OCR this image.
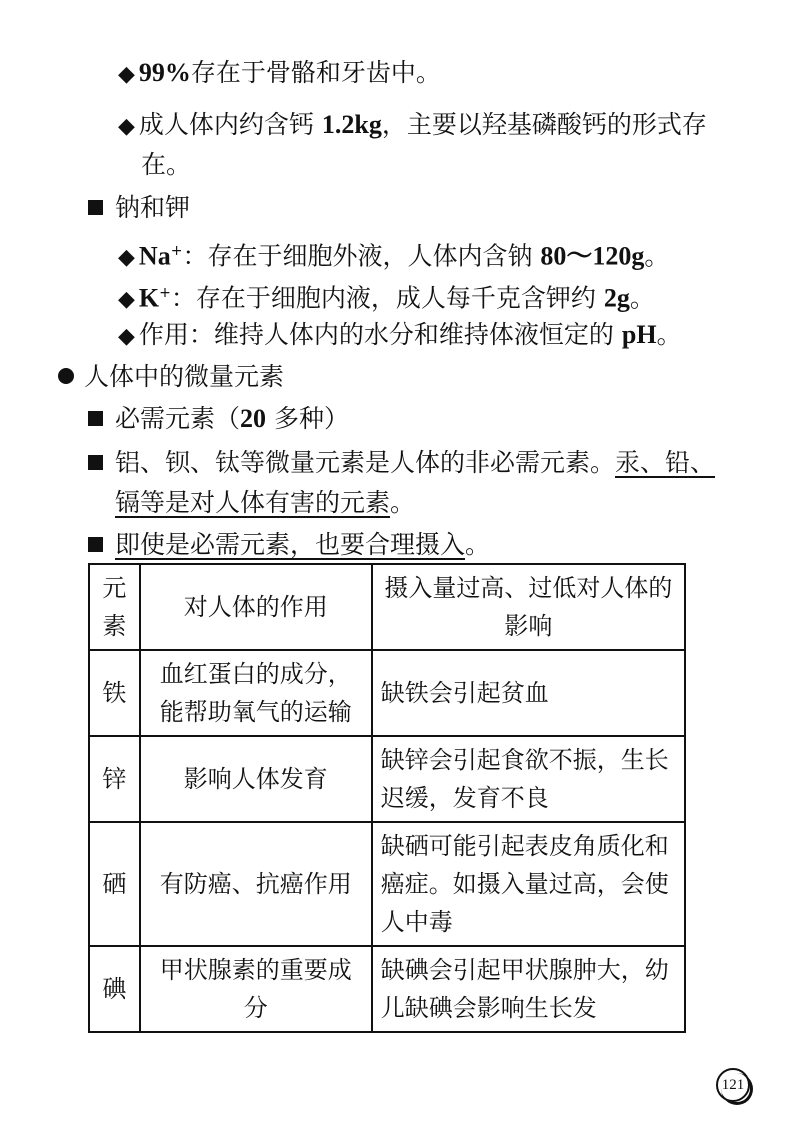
◆ 99%存在于骨骼和牙齿中。
◆ 成人体内约含钙 1.2kg，主要以羟基磷酸钙的形式存
在。
钠和钾
◆ Na+：存在于细胞外液，人体内含钠 80～120g。
◆ K+：存在于细胞内液，成人每千克含钾约 2g。
◆ 作用：维持人体内的水分和维持体液恒定的 pH。
人体中的微量元素
必需元素（20 多种）
铝、钡、钛等微量元素是人体的非必需元素。汞、铅、
镉等是对人体有害的元素。
即使是必需元素，也要合理摄入。
元素	对人体的作用	摄入量过高、过低对人体的影响
铁	血红蛋白的成分，能帮助氧气的运输	缺铁会引起贫血
锌	影响人体发育	缺锌会引起食欲不振，生长迟缓，发育不良
硒	有防癌、抗癌作用	缺硒可能引起表皮角质化和癌症。如摄入量过高，会使人中毒
碘	甲状腺素的重要成分	缺碘会引起甲状腺肿大，幼儿缺碘会影响生长发
121
